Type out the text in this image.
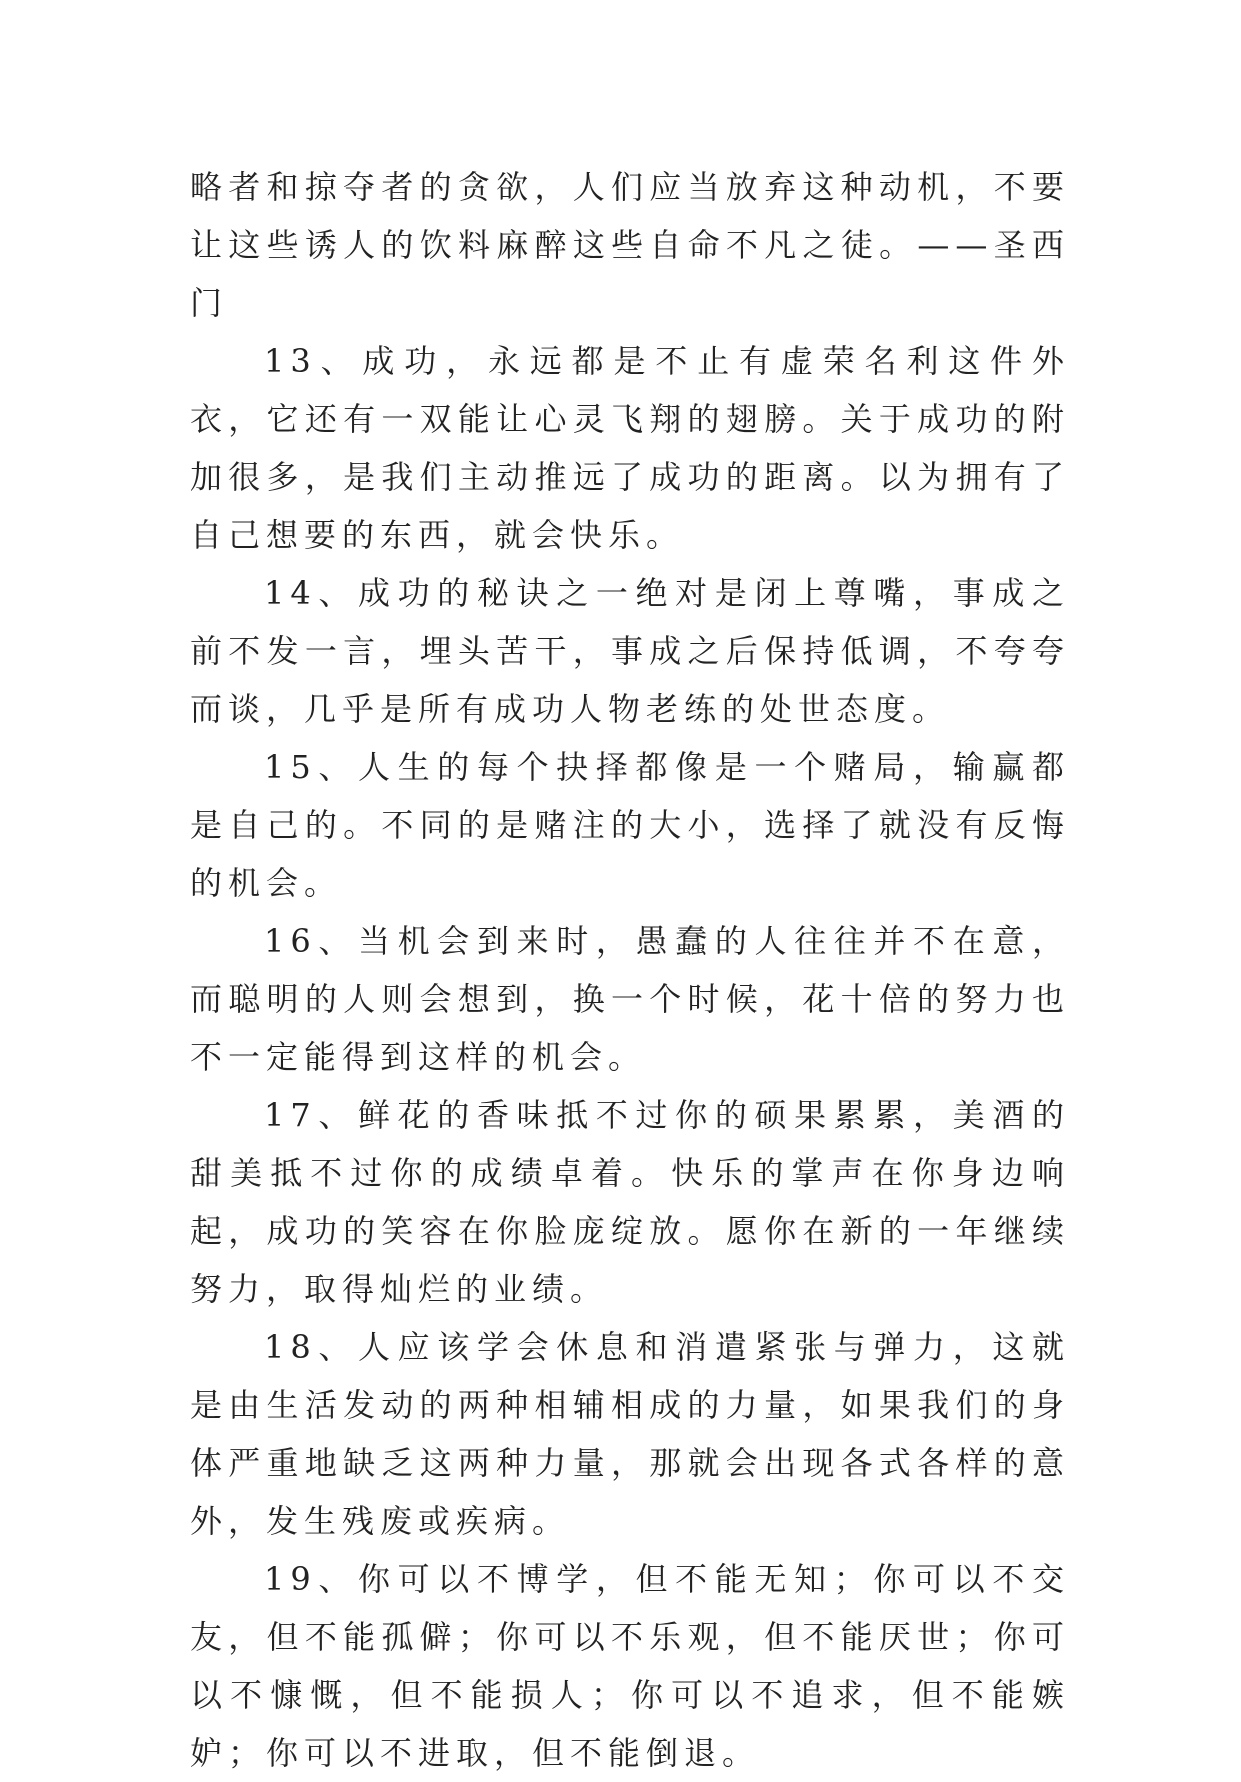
略者和掠夺者的贪欲，人们应当放弃这种动机，不要让这些诱人的饮料麻醉这些自命不凡之徒。——圣西门

13、成功，永远都是不止有虚荣名利这件外衣，它还有一双能让心灵飞翔的翅膀。关于成功的附加很多，是我们主动推远了成功的距离。以为拥有了自己想要的东西，就会快乐。

14、成功的秘诀之一绝对是闭上尊嘴，事成之前不发一言，埋头苦干，事成之后保持低调，不夸夸而谈，几乎是所有成功人物老练的处世态度。

15、人生的每个抉择都像是一个赌局，输赢都是自己的。不同的是赌注的大小，选择了就没有反悔的机会。

16、当机会到来时，愚蠢的人往往并不在意，而聪明的人则会想到，换一个时候，花十倍的努力也不一定能得到这样的机会。

17、鲜花的香味抵不过你的硕果累累，美酒的甜美抵不过你的成绩卓着。快乐的掌声在你身边响起，成功的笑容在你脸庞绽放。愿你在新的一年继续努力，取得灿烂的业绩。

18、人应该学会休息和消遣紧张与弹力，这就是由生活发动的两种相辅相成的力量，如果我们的身体严重地缺乏这两种力量，那就会出现各式各样的意外，发生残废或疾病。

19、你可以不博学，但不能无知；你可以不交友，但不能孤僻；你可以不乐观，但不能厌世；你可以不慷慨，但不能损人；你可以不追求，但不能嫉妒；你可以不进取，但不能倒退。
